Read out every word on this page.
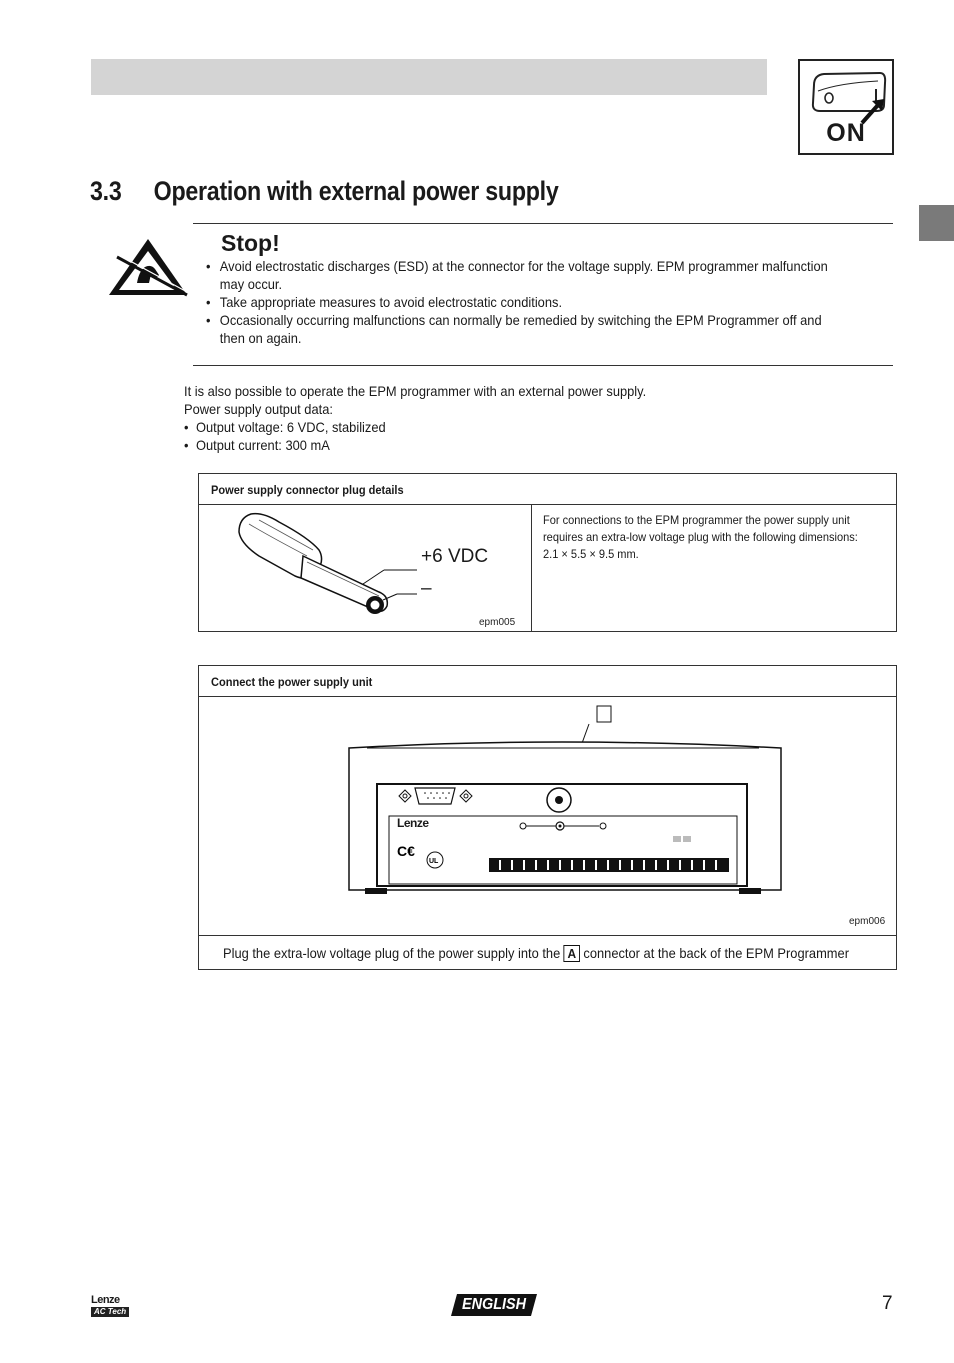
ON
3.3 Operation with external power supply
Stop!
• Avoid electrostatic discharges (ESD) at the connector for the voltage supply. EPM programmer malfunction may occur.
• Take appropriate measures to avoid electrostatic conditions.
• Occasionally occurring malfunctions can normally be remedied by switching the EPM Programmer off and then on again.
It is also possible to operate the EPM programmer with an external power supply.
Power supply output data:
• Output voltage: 6 VDC, stabilized
• Output current: 300 mA
Power supply connector plug details
+6 VDC
–
epm005
For connections to the EPM programmer the power supply unit requires an extra-low voltage plug with the following dimensions: 2.1 × 5.5 × 9.5 mm.
Connect the power supply unit
C€
UL
Lenze
epm006
Plug the extra-low voltage plug of the power supply into the A connector at the back of the EPM Programmer
Lenze
AC Tech	ENGLISH	7
